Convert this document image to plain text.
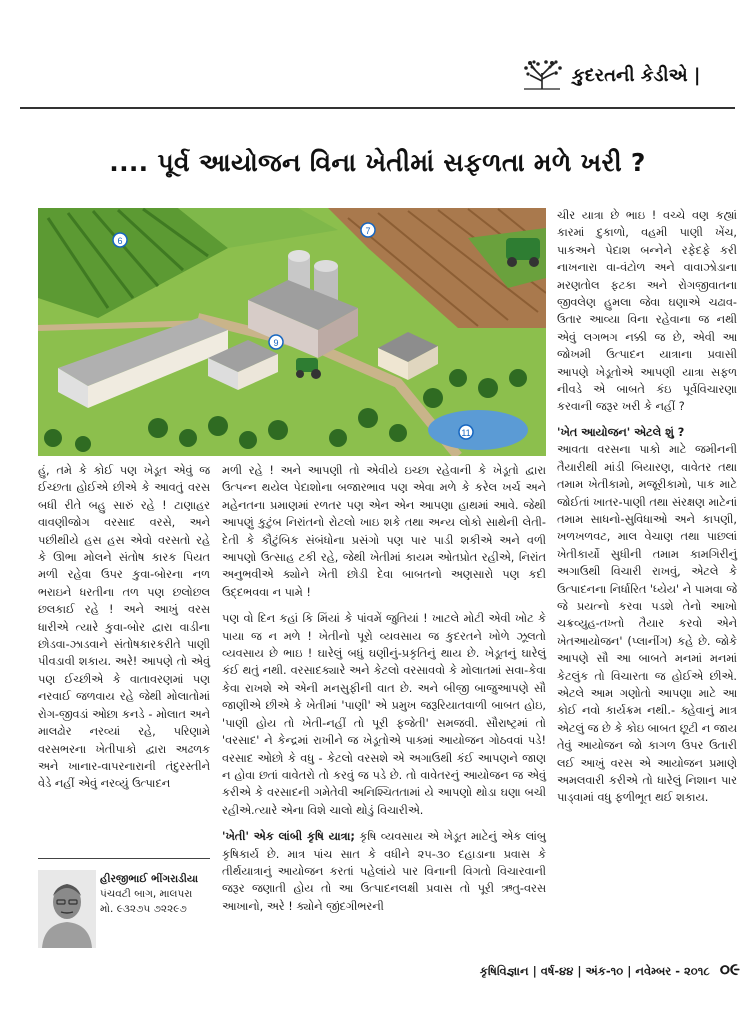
કુદરતની કેડીએ |
.... પૂર્વ આયોજન વિના ખેતીમાં સફળતા મળે ખરી ?
6
7
9
11

હું, તમે કે કોઈ પણ ખેડૂત એવું જ ઈચ્છતા હોઈએ છીએ કે આવતું વરસ બધી રીતે બહુ સારું રહે ! ટાણાહર વાવણીજોગ વરસાદ વરસે, અને પછીથીયે હસ હસ એવો વરસતો રહે કે ઊભા મોલને સંતોષ કારક પિયત મળી રહેવા ઉપર કુવા-બોરના નળ ભરાઇને ધરતીના તળ પણ છલોછલ છલકાઈ રહે ! અને આખું વરસ ધારીએ ત્યારે કુવા-બોર દ્વારા વાડીના છોડવા-ઝાડવાને સંતોષકારકરીતે પાણી પીવડાવી શકાય. અરે! આપણે તો એવું પણ ઈચ્છીએ કે વાતાવરણમાં પણ નરવાઈ જળવાય રહે જેથી મોલાતોમાં રોગ-જીવડાં ઓછા કનડે - મોલાત અને માલઢોર નરવ્યાં રહે, પરિણામે વરસભરના ખેતીપાકો દ્વારા અઢળક અને ખાનાર-વાપરનારાની તંદુરસ્તીને વેડે નહીં એવું નરવ્યું ઉત્પાદન

મળી રહે ! અને આપણી તો એવીયે ઇચ્છા રહેવાની કે ખેડૂતો દ્વારા ઉત્પન્ન થયેલ પેદાશોના બજારભાવ પણ એવા મળે કે કરેલ ખર્ચ અને મહેનતના પ્રમાણમાં રળતર પણ એન એન આપણા હાથમાં આવે. જેથી આપણું કુટુંબ નિરાંતનો રોટલો ખાઇ શકે તથા અન્ય લોકો સાથેની લેતી-દેતી કે કૌટુંબિક સંબંધોના પ્રસંગો પણ પાર પાડી શકીએ અને વળી આપણો ઉત્સાહ ટકી રહે, જેથી ખેતીમાં કાયમ ઓતપ્રોત રહીએ, નિરાંત અનુભવીએ ક્યોને ખેતી છોડી દેવા બાબતનો અણસારો પણ કદી ઉદ્દભવવા ન પામે !

પણ વો દિન કહાં કિ મિંયાં કે પાંવમેં જુતિયાં ! ખાટલે મોટી એવી ખોટ કે પાયા જ ન મળે ! ખેતીનો પૂરો વ્યવસાય જ કુદરતને ખોળે ઝૂલતો વ્યવસાય છે ભાઇ ! ઘારેલું બધું ઘણીનું-પ્રકૃતિનું થાય છે. ખેડૂતનું ઘારેલું કંઈ થતું નથી. વરસાદક્યારે અને કેટલો વરસાવવો કે મોલાતમાં સવા-કેવા કેવા રાખશે એ એની મનસુફીની વાત છે. અને બીજી બાજુઆપણે સૌ જાણીએ છીએ કે ખેતીમાં 'પાણી' એ પ્રમુખ જરૂરિયાતવાળી બાબત હોઇ, 'પાણી હોય તો ખેતી-નહીં તો પૂરી ફજેતી' સમજવી. સૌરાષ્ટ્રમાં તો 'વરસાદ' ને કેન્દ્રમાં રાખીને જ ખેડૂતોએ પાક્માં આયોજન ગોઠવવાં પડે! વરસાદ ઓછો કે વધુ - કેટલો વરસશે એ અગાઉથી કંઈ આપણને જાણ ન હોવા છતાં વાવેતરો તો કરવું જ પડે છે. તો વાવેતરનું આયોજન જ એવું કરીએ કે વરસાદની ગમેતેવી અનિશ્ચિતતામાં યે આપણો થોડા ઘણા બચી રહીએ.ત્યારે એના વિશે ચાલો થોડું વિચારીએ.

'ખેતી' એક લાંબી કૃષિ યાત્રા; કૃષિ વ્યવસાય એ ખેડૂત માટેનું એક લાંબુ કૃષિકાર્ય છે. માત્ર પાંચ સાત કે વધીને ૨૫-૩૦ દહાડાના પ્રવાસ કે તીર્થયાત્રાનું આયોજન કરતાં પહેલાંયે પાર વિનાની વિગતો વિચારવાની જરૂર જણાતી હોય તો આ ઉત્પાદનલક્ષી પ્રવાસ તો પૂરી ઋતુ-વરસ આખાનો, અરે ! ક્યોને જીંદગીભરની

ચીર યાત્રા છે ભાઇ ! વચ્ચે વણ કહ્યાં કારમાં દુકાળો, વહમી પાણી ખેંચ, પાકઅને પેદાશ બન્નેને રફેદફે કરી નાખનારા વા-વંટોળ અને વાવાઝોડાના મરણતોલ ફટકા અને રોગજીવાતના જીવલેણ હુમલા જેવા ઘણાએ ચઢાવ-ઉતાર આવ્યા વિના રહેવાના જ નથી એવું લગભગ નક્કી જ છે, એવી આ જોખમી ઉત્પાદન યાત્રાના પ્રવાસી આપણે ખેડૂતોએ આપણી યાત્રા સફળ નીવડે એ બાબતે કંઇ પૂર્વવિચારણા કરવાની જરૂર ખરી કે નહીં ?

'ખેત આયોજન' એટલે શું ?

આવતા વરસના પાકો માટે જમીનની તૈયારીથી માંડી બિયારણ, વાવેતર તથા તમામ ખેતીકામો, મજૂરીકામો, પાક માટે જોઈતાં ખાતર-પાણી તથા સંરક્ષણ માટેનાં તમામ સાધનો-સુવિધાઓ અને કાપણી, ખળખળવટ, માલ વેચાણ તથા પાછલાં ખેતીકાર્યો સુધીની તમામ કામગિરીનું અગાઉથી વિચારી રાખવું, એટલે કે ઉત્પાદનના નિર્ધારિત 'ધ્યેય' ને પામવા જે જે પ્રયત્નો કરવા પડશે તેનો આખો ચક્રવ્યુહ-તખ્તો તૈયાર કરવો એને ખેતઆયોજન' (પ્લાનીંગ) કહે છે. જોકે આપણે સૌ આ બાબતે મનમાં મનમાં કેટલુંક તો વિચારતા જ હોઈએ છીએ. એટલે આમ ગણોતો આપણા માટે આ કોઈ નવો કાર્યક્રમ નથી.- ક્હેવાનું માત્ર એટલું જ છે કે કોઇ બાબત છૂટી ન જાય તેવું આયોજન જો કાગળ ઉપર ઉતારી લઈ આખું વરસ એ આયોજન પ્રમાણે અમલવારી કરીએ તો ધારેલું નિશાન પાર પાડ્વામાં વધુ ફળીભૂત થઈ શકાય.

હીરજીભાઈ ભીંગરાડીયા
પંચવટી બાગ, માલપરા
મો. ૯૩૨૭૫ ૭૨૨૯૭
કૃષિવિજ્ઞાન | વર્ષ-૪૪ | અંક-૧૦ | નવેમ્બર - ૨૦૧૮ ૦૯
